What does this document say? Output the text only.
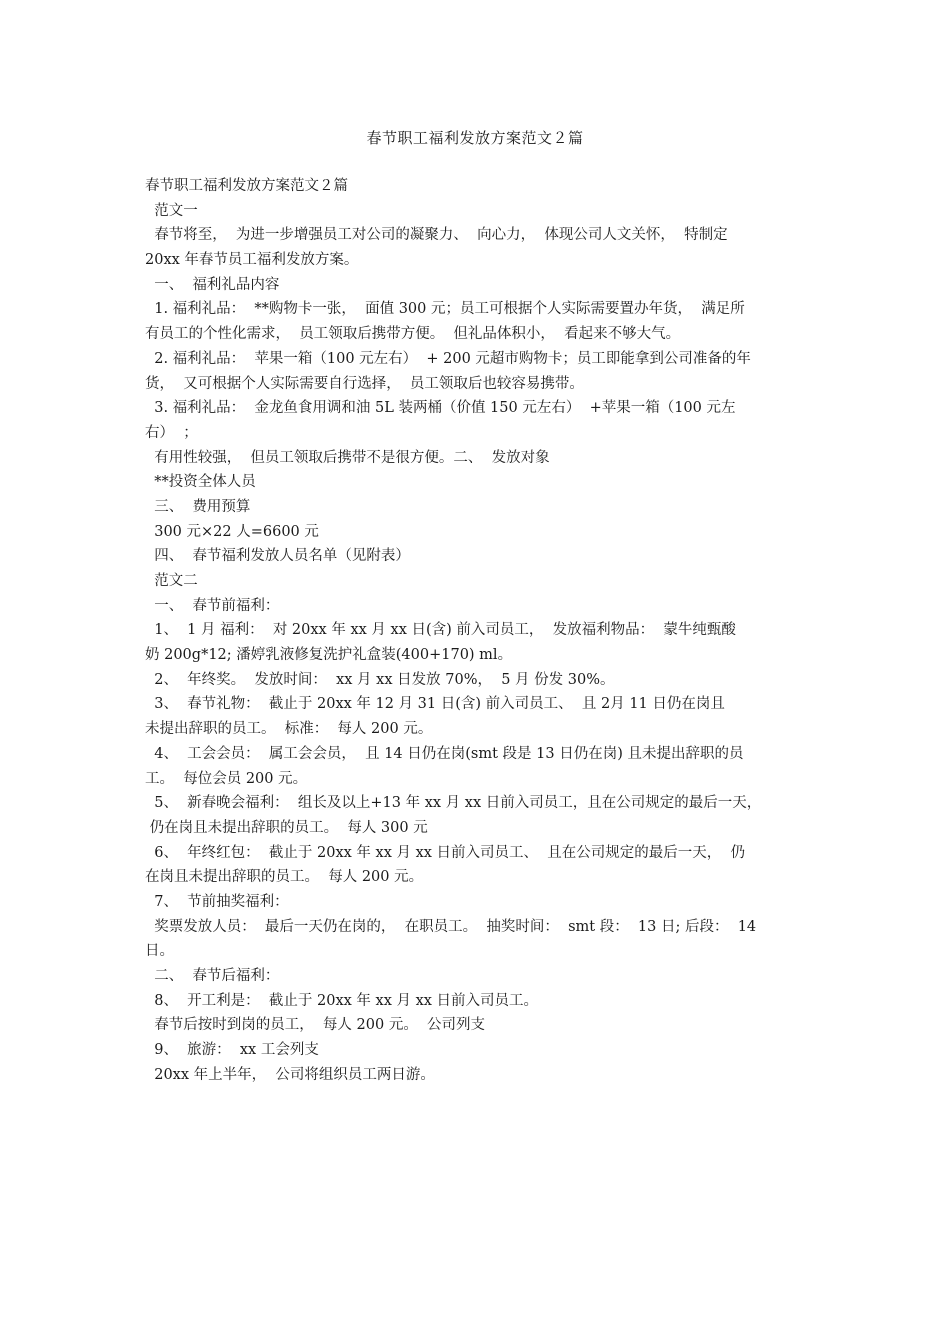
春节职工福利发放方案范文２篇
春节职工福利发放方案范文２篇
范文一
春节将至，  为进一步增强员工对公司的凝聚力、  向心力，  体现公司人文关怀，  特制定
20xx 年春节员工福利发放方案。
一、  福利礼品内容
1. 福利礼品：  **购物卡一张，  面值 300 元；员工可根据个人实际需要置办年货，  满足所
有员工的个性化需求，  员工领取后携带方便。  但礼品体积小，  看起来不够大气。
2. 福利礼品：  苹果一箱（100 元左右）  + 200 元超市购物卡；员工即能拿到公司准备的年
货，  又可根据个人实际需要自行选择，  员工领取后也较容易携带。
3. 福利礼品：  金龙鱼食用调和油 5L 装两桶（价值 150 元左右）  +苹果一箱（100 元左
右）  ；
有用性较强，  但员工领取后携带不是很方便。二、  发放对象
**投资全体人员
三、  费用预算
300 元×22 人=6600 元
四、  春节福利发放人员名单（见附表）
范文二
一、  春节前福利：
1、  1 月 福利：  对 20xx 年 xx 月 xx 日(含) 前入司员工，  发放福利物品：  蒙牛纯甄酸
奶 200g*12; 潘婷乳液修复洗护礼盒装(400+170) ml。
2、  年终奖。  发放时间：  xx 月 xx 日发放 70%，  5 月 份发 30%。
3、  春节礼物：  截止于 20xx 年 12 月 31 日(含) 前入司员工、  且 2月 11 日仍在岗且
未提出辞职的员工。  标准：  每人 200 元。
4、  工会会员：  属工会会员，  且 14 日仍在岗(smt 段是 13 日仍在岗) 且未提出辞职的员
工。  每位会员 200 元。
5、  新春晚会福利：  组长及以上+13 年 xx 月 xx 日前入司员工，且在公司规定的最后一天，
仍在岗且未提出辞职的员工。  每人 300 元
6、  年终红包：  截止于 20xx 年 xx 月 xx 日前入司员工、  且在公司规定的最后一天，  仍
在岗且未提出辞职的员工。  每人 200 元。
7、  节前抽奖福利：
奖票发放人员：  最后一天仍在岗的，  在职员工。  抽奖时间：  smt 段：  13 日; 后段：  14
日。
二、  春节后福利：
8、  开工利是：  截止于 20xx 年 xx 月 xx 日前入司员工。
春节后按时到岗的员工，  每人 200 元。  公司列支
9、  旅游：  xx 工会列支
20xx 年上半年，  公司将组织员工两日游。
